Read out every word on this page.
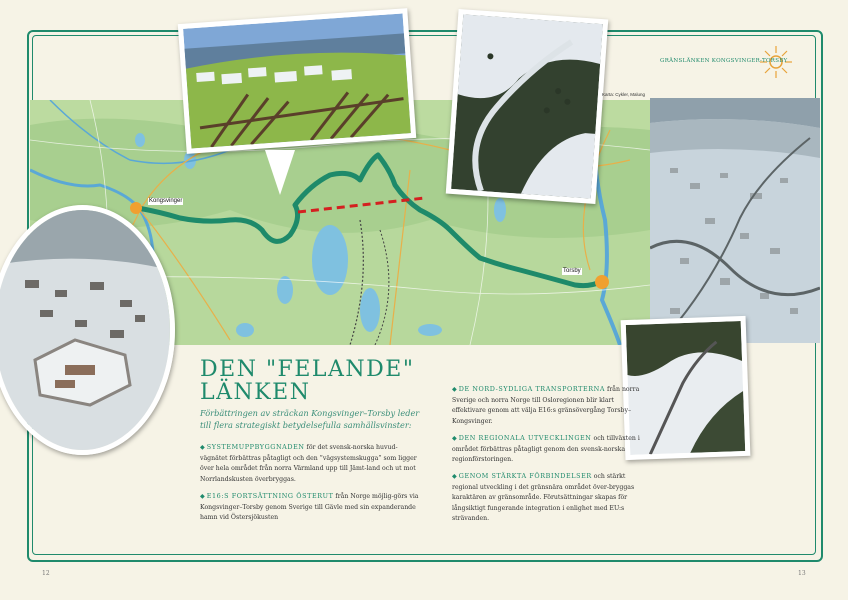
Kongsvinger
Torsby
GRÄNSLÄNKEN KONGSVINGER-TORSBY
Karta: Cykler, Malung
DEN "FELANDE"
LÄNKEN

Förbättringen av sträckan Kongsvinger–Torsby leder till flera strategiskt betydelsefulla samhällsvinster:

◆ SYSTEMUPPBYGGNADEN för det svensk-norska huvud-vägnätet förbättras påtagligt och den ”vägsystemskugga” som ligger över hela området från norra Värmland upp till Jämt-land och ut mot Norrlandskusten överbryggas.

◆ E16:S FORTSÄTTNING ÖSTERUT från Norge möjlig-görs via Kongsvinger–Torsby genom Sverige till Gävle med sin expanderande hamn vid Östersjökusten

◆ DE NORD-SYDLIGA TRANSPORTERNA från norra Sverige och norra Norge till Osloregionen blir klart effektivare genom att välja E16:s gränsövergång Torsby–Kongsvinger.

◆ DEN REGIONALA UTVECKLINGEN och tillväxten i området förbättras påtagligt genom den svensk-norska regionförstoringen.

◆ GENOM STÄRKTA FÖRBINDELSER och stärkt regional utveckling i det gränsnära området över-bryggas karaktären av gränsområde. Förutsättningar skapas för långsiktigt fungerande integration i enlighet med EU:s strävanden.

12	13
